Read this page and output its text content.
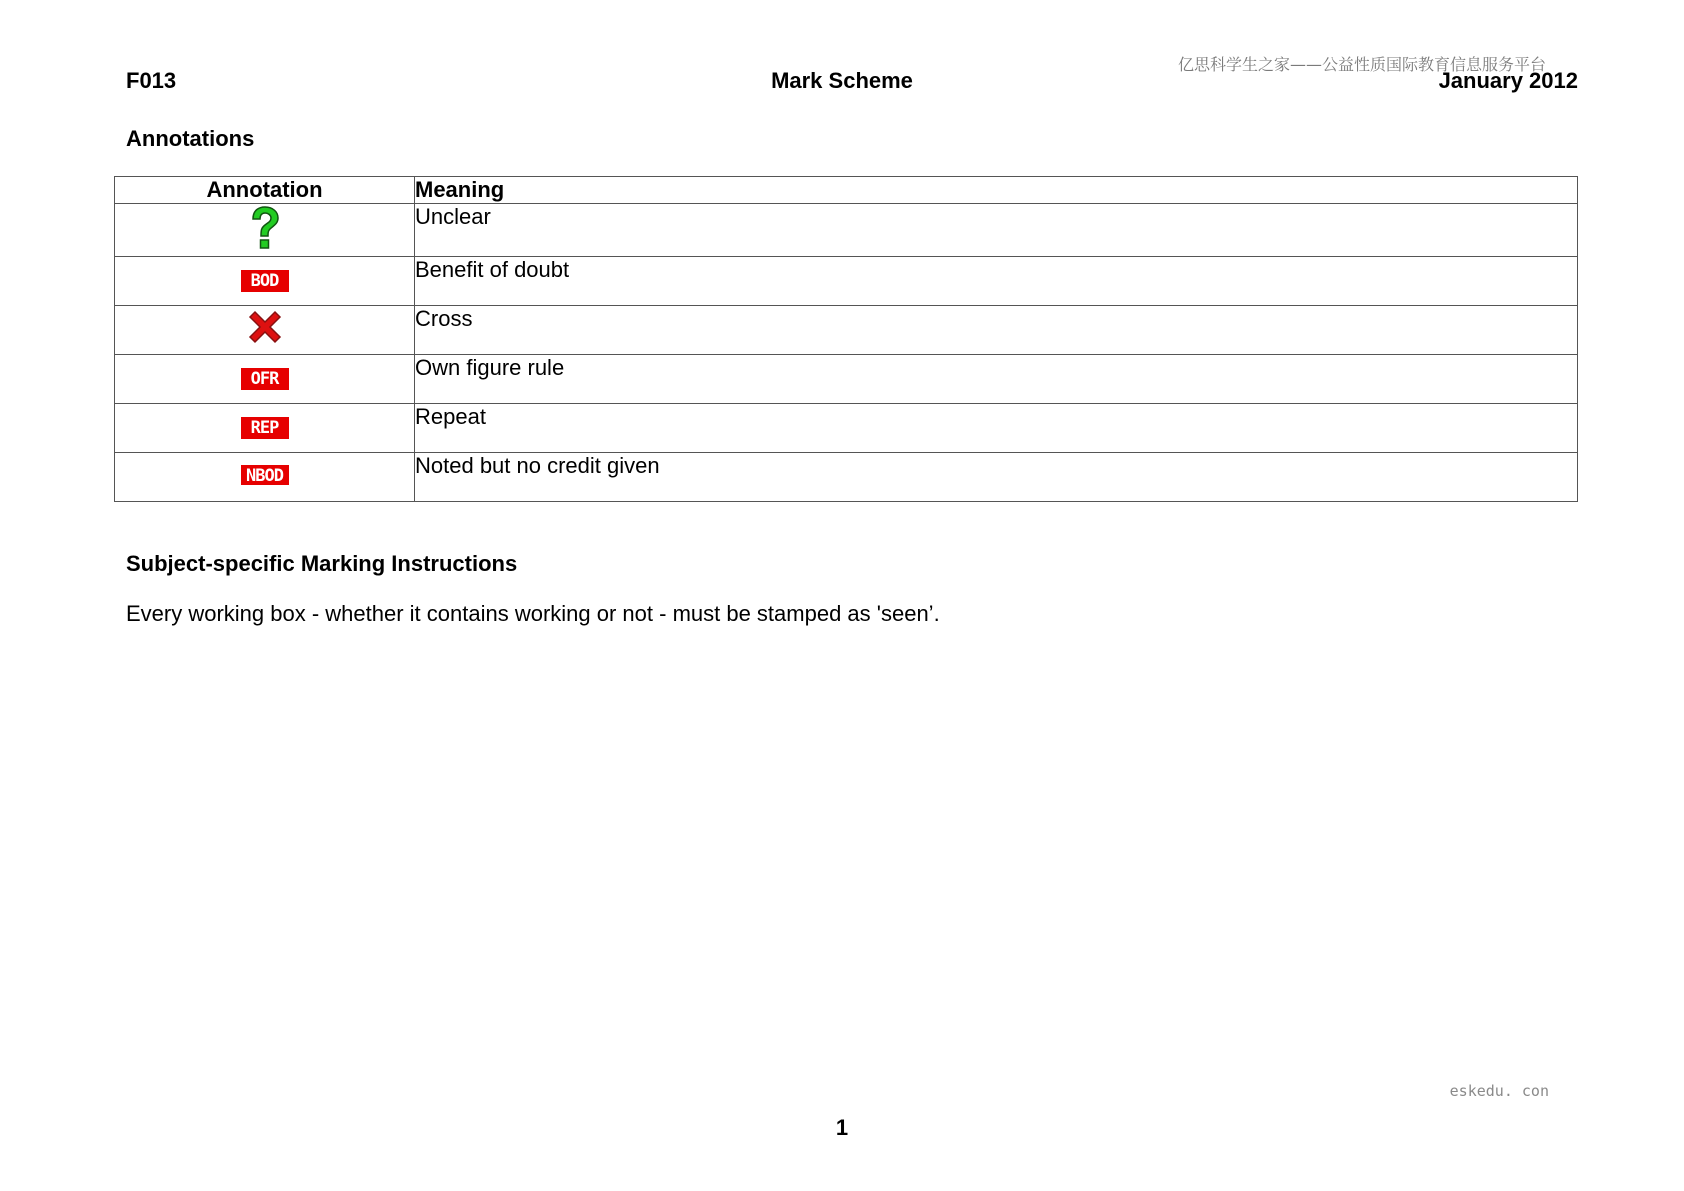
F013	Mark Scheme
亿思科学生之家——公益性质国际教育信息服务平台
January 2012
Annotations
Annotation	Meaning
	Unclear
BOD	Benefit of doubt
	Cross
OFR	Own figure rule
REP	Repeat
NBOD	Noted but no credit given
Subject-specific Marking Instructions
Every working box - whether it contains working or not - must be stamped as 'seen’.
eskedu. con
1
